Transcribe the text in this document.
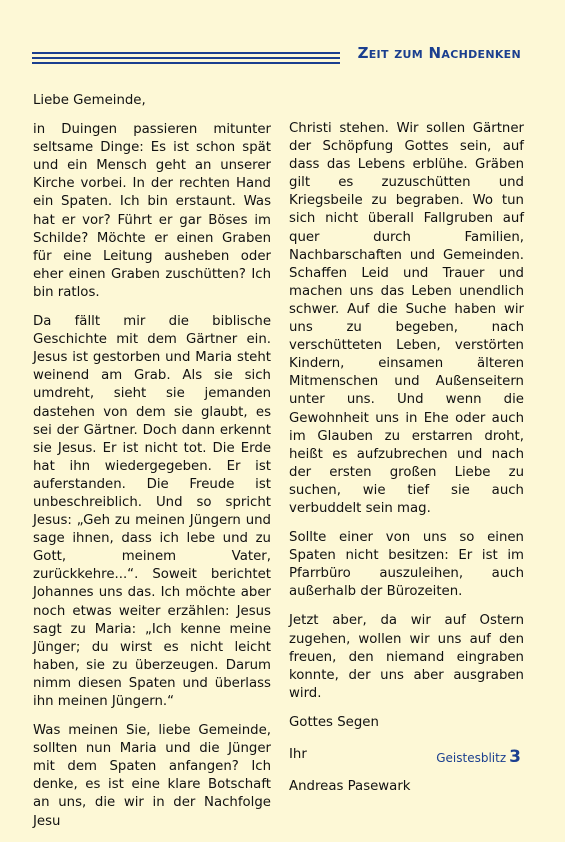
Zeit zum Nachdenken

Liebe Gemeinde,

in Duingen passieren mitunter seltsame Dinge: Es ist schon spät und ein Mensch geht an unserer Kirche vorbei. In der rechten Hand ein Spaten. Ich bin erstaunt. Was hat er vor? Führt er gar Böses im Schilde? Möchte er einen Graben für eine Leitung ausheben oder eher einen Graben zuschütten? Ich bin ratlos.

Da fällt mir die biblische Geschichte mit dem Gärtner ein. Jesus ist gestorben und Maria steht weinend am Grab. Als sie sich umdreht, sieht sie jemanden dastehen von dem sie glaubt, es sei der Gärtner. Doch dann erkennt sie Jesus. Er ist nicht tot. Die Erde hat ihn wiedergegeben. Er ist auferstanden. Die Freude ist unbeschreiblich. Und so spricht Jesus: „Geh zu meinen Jüngern und sage ihnen, dass ich lebe und zu Gott, meinem Vater, zurückkehre...“. Soweit berichtet Johannes uns das. Ich möchte aber noch etwas weiter erzählen: Jesus sagt zu Maria: „Ich kenne meine Jünger; du wirst es nicht leicht haben, sie zu überzeugen. Darum nimm diesen Spaten und überlass ihn meinen Jüngern.“

Was meinen Sie, liebe Gemeinde, sollten nun Maria und die Jünger mit dem Spaten anfangen? Ich denke, es ist eine klare Botschaft an uns, die wir in der Nachfolge Jesu

Christi stehen. Wir sollen Gärtner der Schöpfung Gottes sein, auf dass das Lebens erblühe. Gräben gilt es zuzuschütten und Kriegsbeile zu begraben. Wo tun sich nicht überall Fallgruben auf quer durch Familien, Nachbarschaften und Gemeinden. Schaffen Leid und Trauer und machen uns das Leben unendlich schwer. Auf die Suche haben wir uns zu begeben, nach verschütteten Leben, verstörten Kindern, einsamen älteren Mitmenschen und Außenseitern unter uns. Und wenn die Gewohnheit uns in Ehe oder auch im Glauben zu erstarren droht, heißt es aufzubrechen und nach der ersten großen Liebe zu suchen, wie tief sie auch verbuddelt sein mag.

Sollte einer von uns so einen Spaten nicht besitzen: Er ist im Pfarrbüro auszuleihen, auch außerhalb der Bürozeiten.

Jetzt aber, da wir auf Ostern zugehen, wollen wir uns auf den freuen, den niemand eingraben konnte, der uns aber ausgraben wird.

Gottes Segen

Ihr

Andreas Pasewark

Geistesblitz 3
